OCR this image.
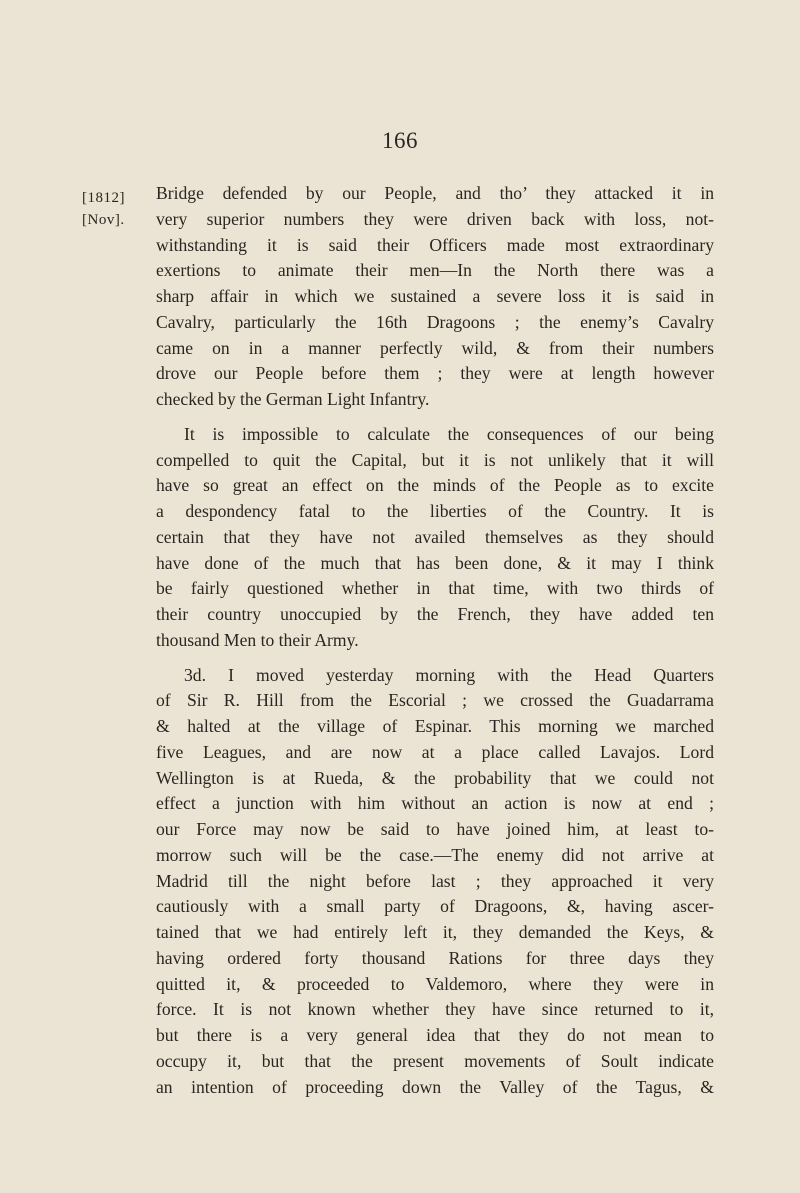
166
[1812]
[Nov].

Bridge defended by our People, and tho’ they attacked it in
very superior numbers they were driven back with loss, not-
withstanding it is said their Officers made most extraordinary
exertions to animate their men—In the North there was a
sharp affair in which we sustained a severe loss it is said in
Cavalry, particularly the 16th Dragoons ; the enemy’s Cavalry
came on in a manner perfectly wild, & from their numbers
drove our People before them ; they were at length however
checked by the German Light Infantry.

It is impossible to calculate the consequences of our being
compelled to quit the Capital, but it is not unlikely that it will
have so great an effect on the minds of the People as to excite
a despondency fatal to the liberties of the Country. It is
certain that they have not availed themselves as they should
have done of the much that has been done, & it may I think
be fairly questioned whether in that time, with two thirds of
their country unoccupied by the French, they have added ten
thousand Men to their Army.

3d. I moved yesterday morning with the Head Quarters
of Sir R. Hill from the Escorial ; we crossed the Guadarrama
& halted at the village of Espinar. This morning we marched
five Leagues, and are now at a place called Lavajos. Lord
Wellington is at Rueda, & the probability that we could not
effect a junction with him without an action is now at end ;
our Force may now be said to have joined him, at least to-
morrow such will be the case.—The enemy did not arrive at
Madrid till the night before last ; they approached it very
cautiously with a small party of Dragoons, &, having ascer-
tained that we had entirely left it, they demanded the Keys, &
having ordered forty thousand Rations for three days they
quitted it, & proceeded to Valdemoro, where they were in
force. It is not known whether they have since returned to it,
but there is a very general idea that they do not mean to
occupy it, but that the present movements of Soult indicate
an intention of proceeding down the Valley of the Tagus, &
